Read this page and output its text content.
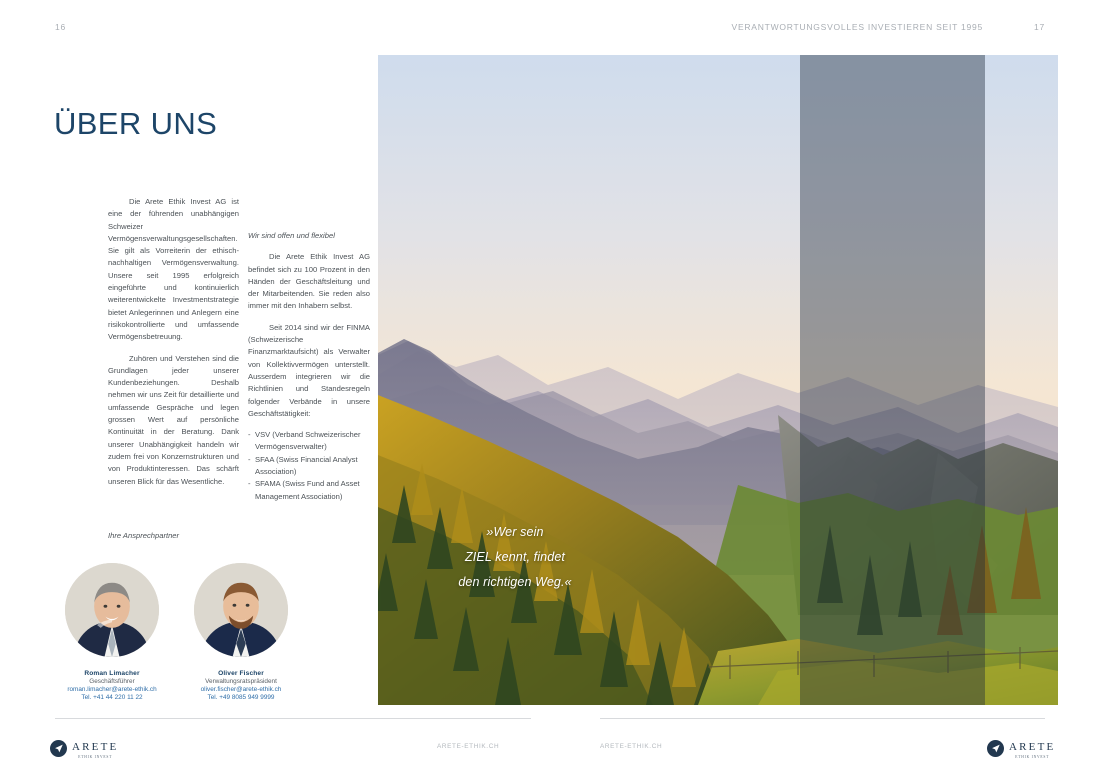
16	VERANTWORTUNGSVOLLES INVESTIEREN SEIT 1995	17
ÜBER UNS

Die Arete Ethik Invest AG ist eine der führenden unabhängigen Schweizer Vermögensverwaltungsgesellschaften. Sie gilt als Vorreiterin der ethisch-nachhaltigen Vermögensverwaltung. Unsere seit 1995 erfolgreich eingeführte und kontinuierlich weiterentwickelte Investmentstrategie bietet Anlegerinnen und Anlegern eine risikokontrollierte und umfassende Vermögensbetreuung.

Zuhören und Verstehen sind die Grundlagen jeder unserer Kundenbeziehungen. Deshalb nehmen wir uns Zeit für detaillierte und umfassende Gespräche und legen grossen Wert auf persönliche Kontinuität in der Beratung. Dank unserer Unabhängigkeit handeln wir zudem frei von Konzernstrukturen und von Produktinteressen. Das schärft unseren Blick für das Wesentliche.

Wir sind offen und flexibel

Die Arete Ethik Invest AG befindet sich zu 100 Prozent in den Händen der Geschäftsleitung und der Mitarbeitenden. Sie reden also immer mit den Inhabern selbst.

Seit 2014 sind wir der FINMA (Schweizerische Finanzmarktaufsicht) als Verwalter von Kollektivvermögen unterstellt. Ausserdem integrieren wir die Richtlinien und Standesregeln folgender Verbände in unsere Geschäftstätigkeit:

- VSV (Verband Schweizerischer Vermögensverwalter)
- SFAA (Swiss Financial Analyst Association)
- SFAMA (Swiss Fund and Asset Management Association)
Ihre Ansprechpartner
Roman Limacher
Geschäftsführer
roman.limacher@arete-ethik.ch
Tel. +41 44 220 11 22
Oliver Fischer
Verwaltungsratspräsident
oliver.fischer@arete-ethik.ch
Tel. +49 8085 949 9999
»Wer sein
ZIEL kennt, findet
den richtigen Weg.«
ARETE-ETHIK.CH	ARETE-ETHIK.CH
ARETE
ETHIK INVEST
ARETE
ETHIK INVEST
